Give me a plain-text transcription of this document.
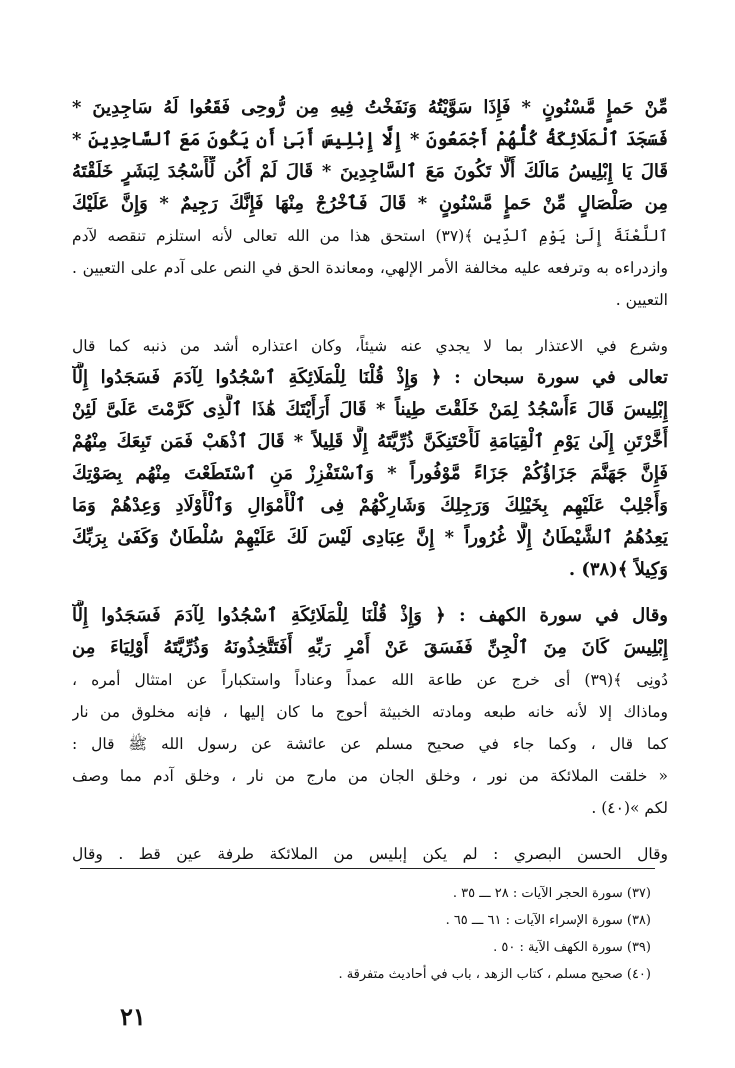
مِّنْ حَمإٍ مَّسْنُونٍ * فَإِذَا سَوَّيْتُهُ وَنَفَخْتُ فِيهِ مِن رُّوحِى فَقَعُوا لَهُ سَاجِدِينَ *
فَسَجَدَ ٱلْمَلَائِكَةُ كُلُّهُمْ أَجْمَعُونَ * إِلَّا إِبْلِيسَ أَبَىٰ أَن يَكُونَ مَعَ ٱلسَّاجِدِينَ *
قَالَ يَا إِبْلِيسُ مَالَكَ أَلَّا تَكُونَ مَعَ ٱلسَّاجِدِينَ * قَالَ لَمْ أَكُن لِّأَسْجُدَ لِبَشَرٍ خَلَقْتَهُ
مِن صَلْصَالٍ مِّنْ حَمإٍ مَّسْنُونٍ * قَالَ فَٱخْرُجْ مِنْهَا فَإِنَّكَ رَجِيمٌ * وَإِنَّ عَلَيْكَ
ٱللَّعْنَةَ إِلَىٰ يَوْمِ ٱلدِّينِ ﴾(٣٧) استحق هذا من الله تعالى لأنه استلزم تنقصه لآدم
وازدراءه به وترفعه عليه مخالفة الأمر الإلهي، ومعاندة الحق في النص على آدم على التعيين .
التعيين .
وشرع في الاعتذار بما لا يجدي عنه شيئاً، وكان اعتذاره أشد من ذنبه كما قال
تعالى في سورة سبحان : ﴿ وَإِذْ قُلْنَا لِلْمَلَائِكَةِ ٱسْجُدُوا لِآدَمَ فَسَجَدُوا إِلَّآ
إِبْلِيسَ قَالَ ءَأَسْجُدُ لِمَنْ خَلَقْتَ طِيناً * قَالَ أَرَأَيْتَكَ هَٰذَا ٱلَّذِى كَرَّمْتَ عَلَىَّ لَئِنْ
أَخَّرْتَنِ إِلَىٰ يَوْمِ ٱلْقِيَامَةِ لَأَحْتَنِكَنَّ ذُرِّيَّتَهُ إِلَّا قَلِيلاً * قَالَ ٱذْهَبْ فَمَن تَبِعَكَ مِنْهُمْ
فَإِنَّ جَهَنَّمَ جَزَاؤُكُمْ جَزَاءً مَّوْفُوراً * وَٱسْتَفْزِزْ مَنِ ٱسْتَطَعْتَ مِنْهُم بِصَوْتِكَ
وَأَجْلِبْ عَلَيْهِم بِخَيْلِكَ وَرَجِلِكَ وَشَارِكْهُمْ فِى ٱلْأَمْوَالِ وَٱلْأَوْلَادِ وَعِدْهُمْ وَمَا
يَعِدُهُمُ ٱلشَّيْطَانُ إِلَّا غُرُوراً * إِنَّ عِبَادِى لَيْسَ لَكَ عَلَيْهِمْ سُلْطَانٌ وَكَفَىٰ بِرَبِّكَ
وَكِيلاً ﴾(٣٨) .
وقال في سورة الكهف : ﴿ وَإِذْ قُلْنَا لِلْمَلَائِكَةِ ٱسْجُدُوا لِآدَمَ فَسَجَدُوا إِلَّآ
إِبْلِيسَ كَانَ مِنَ ٱلْجِنِّ فَفَسَقَ عَنْ أَمْرِ رَبِّهِ أَفَتَتَّخِذُونَهُ وَذُرِّيَّتَهُ أَوْلِيَاءَ مِن
دُونِى ﴾(٣٩) أى خرج عن طاعة الله عمداً وعناداً واستكباراً عن امتثال أمره ،
وماذاك إلا لأنه خانه طبعه ومادته الخبيثة أحوج ما كان إليها ، فإنه مخلوق من نار
كما قال ، وكما جاء في صحيح مسلم عن عائشة عن رسول الله ﷺ قال :
« خلقت الملائكة من نور ، وخلق الجان من مارج من نار ، وخلق آدم مما وصف
لكم »(٤٠) .
وقال الحسن البصري : لم يكن إبليس من الملائكة طرفة عين قط . وقال
(٣٧) سورة الحجر الآيات : ٢٨ ـــ ٣٥ .
(٣٨) سورة الإسراء الآيات : ٦١ ـــ ٦٥ .
(٣٩) سورة الكهف الآية : ٥٠ .
(٤٠) صحيح مسلم ، كتاب الزهد ، باب في أحاديث متفرقة .
٢١
